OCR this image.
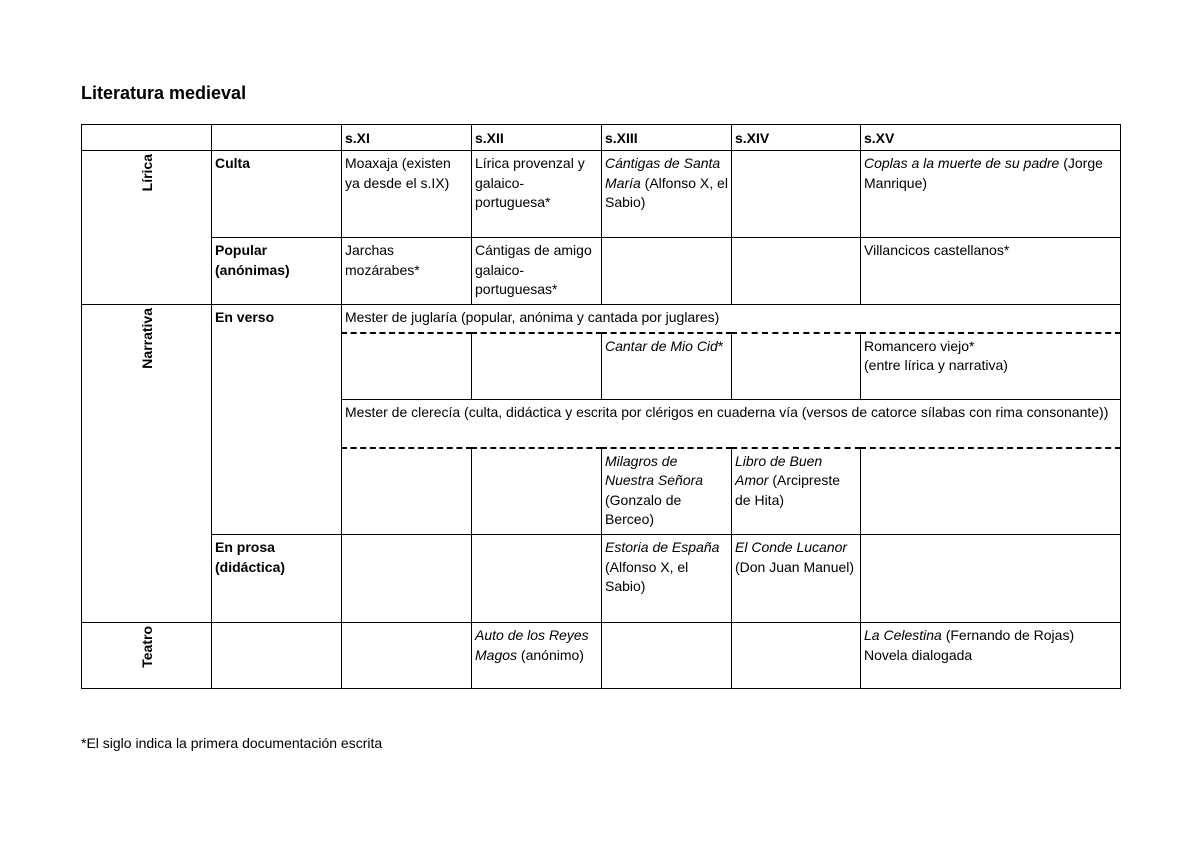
Literatura medieval
		s.XI	s.XII	s.XIII	s.XIV	s.XV
Lírica	Culta	Moaxaja (existen ya desde el s.IX)	Lírica provenzal y galaico-portuguesa*	Cántigas de Santa María (Alfonso X, el Sabio)		Coplas a la muerte de su padre (Jorge Manrique)
	Popular (anónimas)	Jarchas mozárabes*	Cántigas de amigo galaico-portuguesas*			Villancicos castellanos*
Narrativa	En verso	Mester de juglaría (popular, anónima y cantada por juglares)				
				Cantar de Mio Cid*		Romancero viejo*
(entre lírica y narrativa)

		Mester de clerecía (culta, didáctica y escrita por clérigos en cuaderna vía (versos de catorce sílabas con rima consonante))				
				Milagros de Nuestra Señora (Gonzalo de Berceo)	Libro de Buen Amor (Arcipreste de Hita)	
	En prosa (didáctica)			Estoria de España (Alfonso X, el Sabio)	El Conde Lucanor (Don Juan Manuel)	
Teatro			Auto de los Reyes Magos (anónimo)			La Celestina (Fernando de Rojas)
Novela dialogada

*El siglo indica la primera documentación escrita
